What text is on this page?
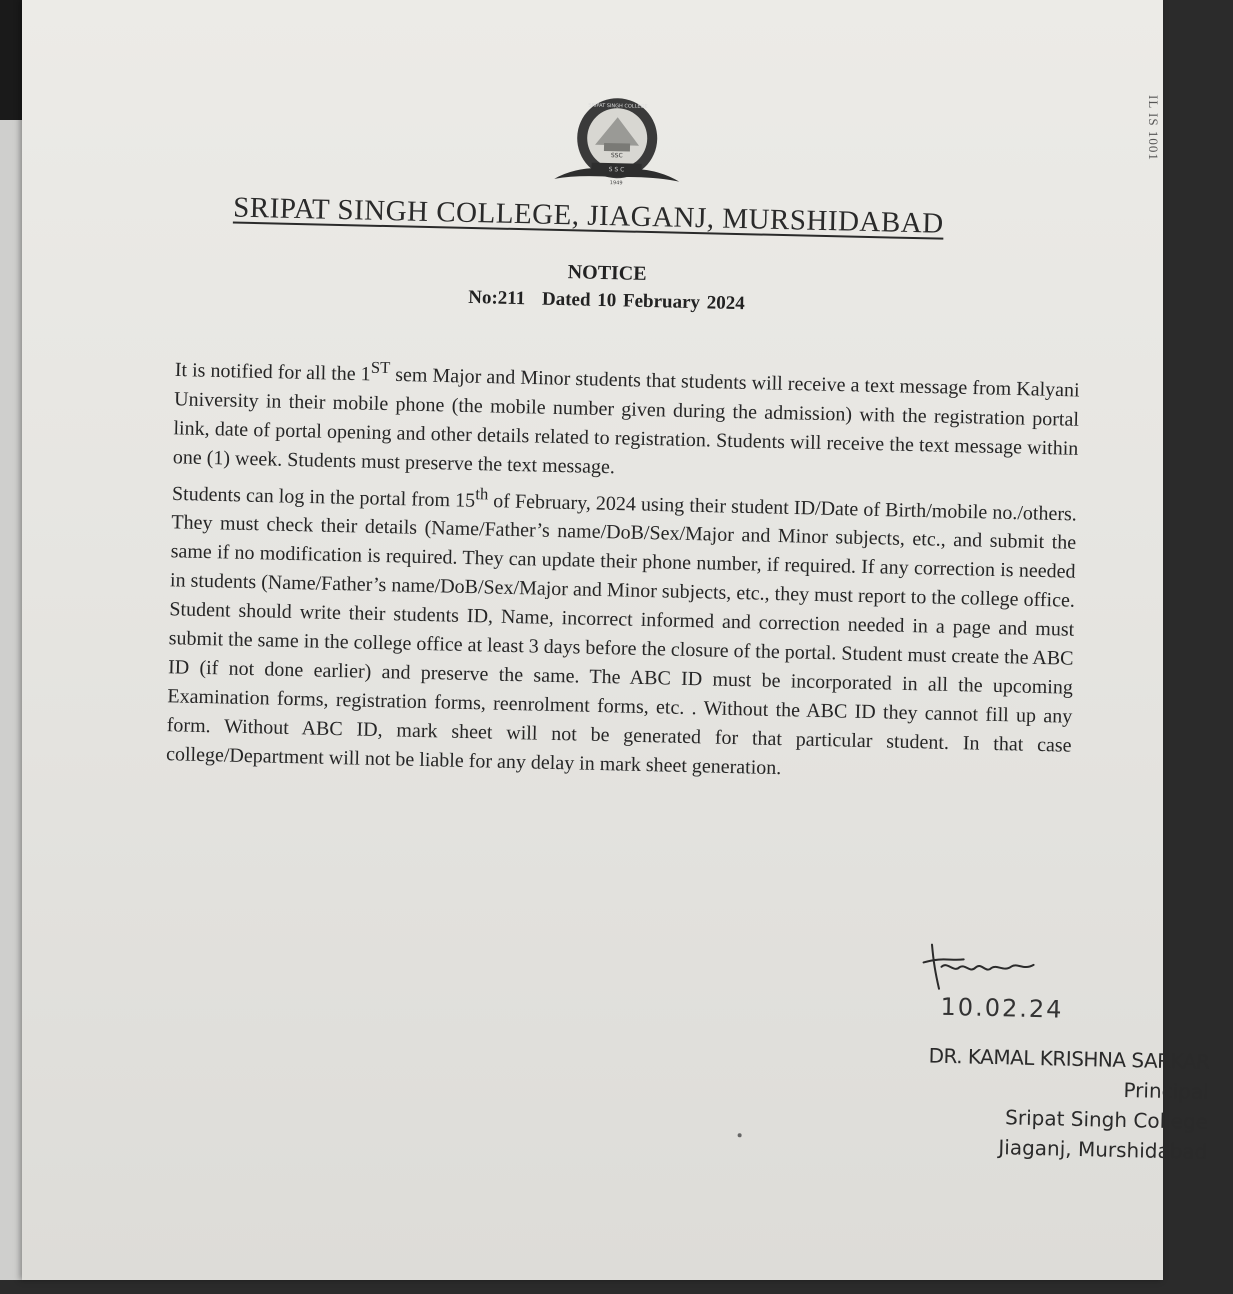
IL IS 1001
SSC
SRIPAT SINGH COLLEGE
S S C
1949
SRIPAT SINGH COLLEGE, JIAGANJ, MURSHIDABAD
NOTICE
No:211 Dated 10 February 2024

It is notified for all the 1ST sem Major and Minor students that students will receive a text message from Kalyani University in their mobile phone (the mobile number given during the admission) with the registration portal link, date of portal opening and other details related to registration. Students will receive the text message within one (1) week. Students must preserve the text message.

Students can log in the portal from 15th of February, 2024 using their student ID/Date of Birth/mobile no./others. They must check their details (Name/Father’s name/DoB/Sex/Major and Minor subjects, etc., and submit the same if no modification is required. They can update their phone number, if required. If any correction is needed in students (Name/Father’s name/DoB/Sex/Major and Minor subjects, etc., they must report to the college office. Student should write their students ID, Name, incorrect informed and correction needed in a page and must submit the same in the college office at least 3 days before the closure of the portal. Student must create the ABC ID (if not done earlier) and preserve the same. The ABC ID must be incorporated in all the upcoming Examination forms, registration forms, reenrolment forms, etc. . Without the ABC ID they cannot fill up any form. Without ABC ID, mark sheet will not be generated for that particular student. In that case college/Department will not be liable for any delay in mark sheet generation.

10.02.24
DR. KAMAL KRISHNA SARKAR
Principal
Sripat Singh College
Jiaganj, Murshidabad
